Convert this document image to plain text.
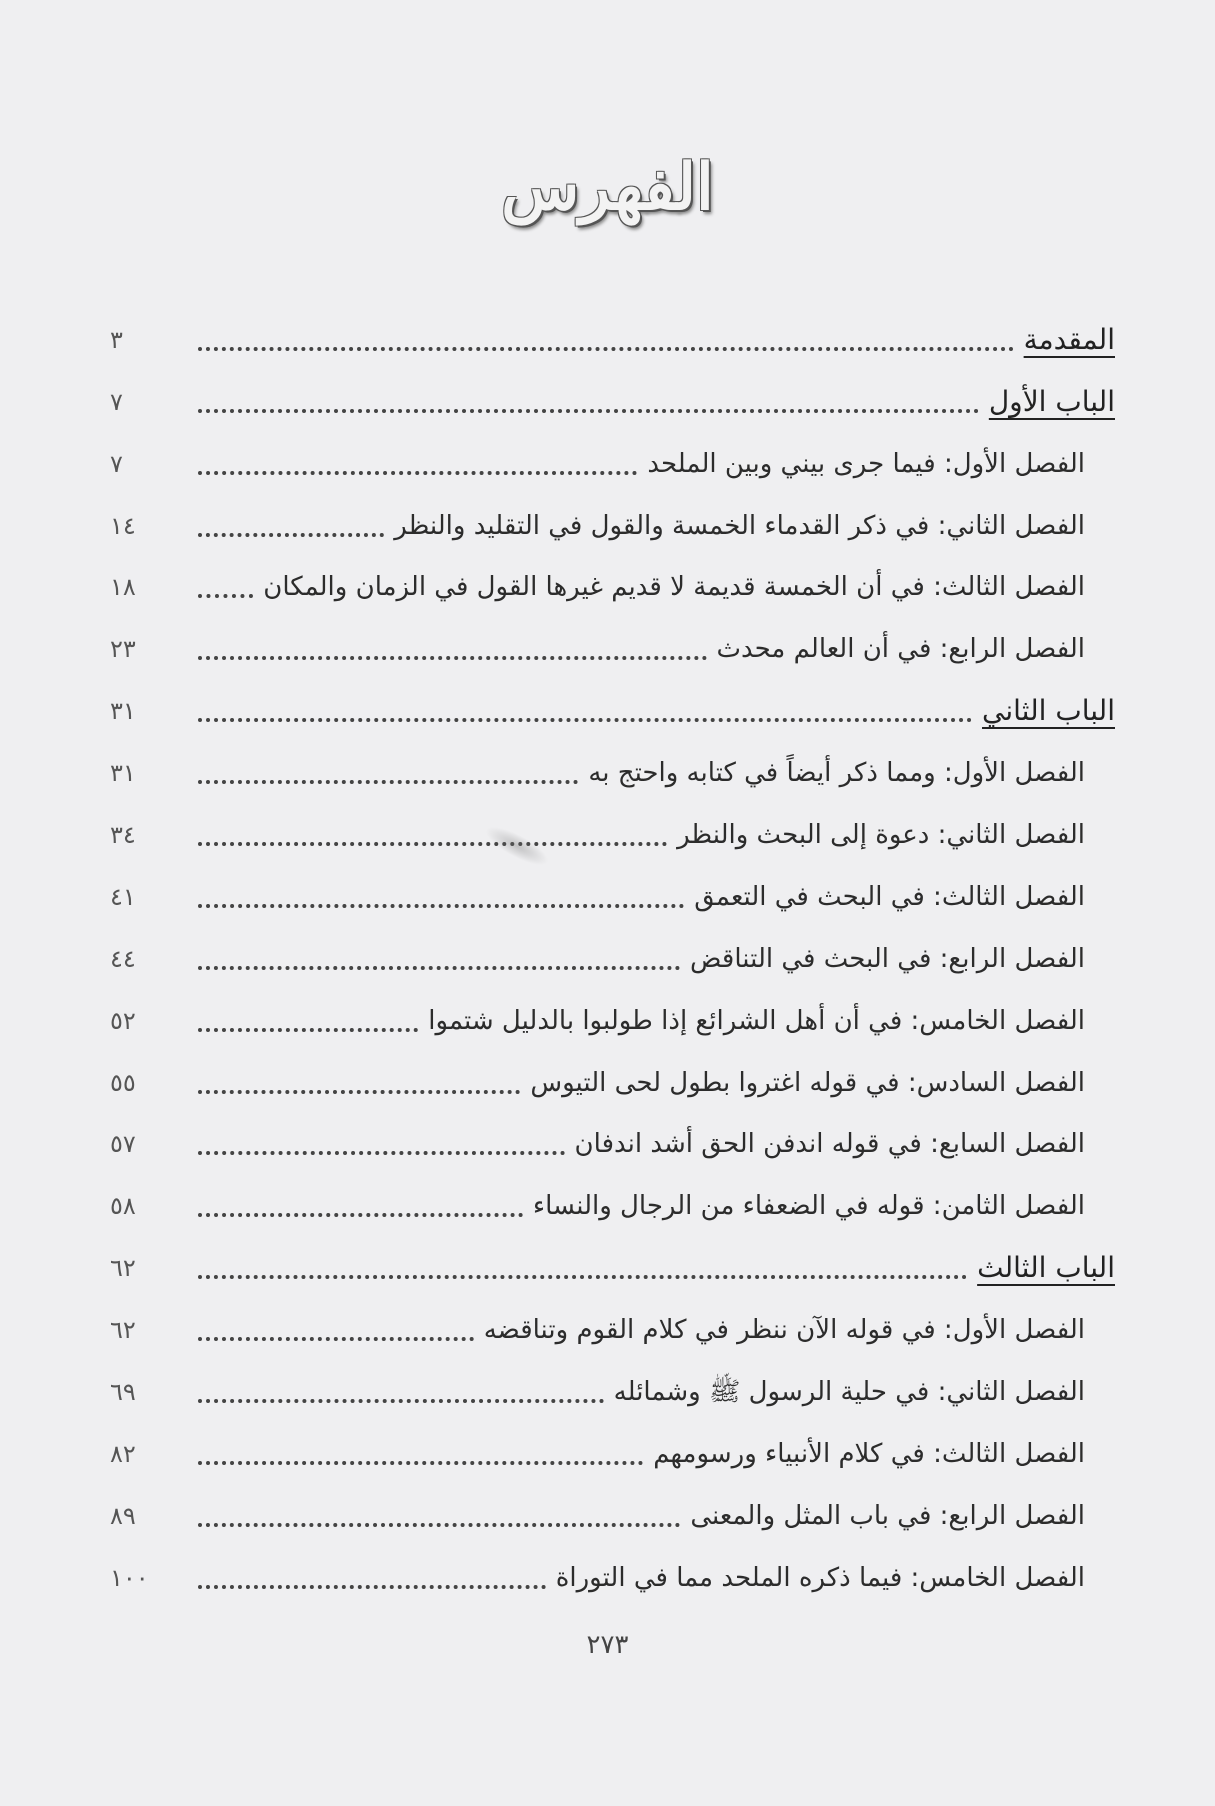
الفهرس
المقدمة
٣
الباب الأول
٧
الفصل الأول: فيما جرى بيني وبين الملحد
٧
الفصل الثاني: في ذكر القدماء الخمسة والقول في التقليد والنظر
١٤
الفصل الثالث: في أن الخمسة قديمة لا قديم غيرها القول في الزمان والمكان
١٨
الفصل الرابع: في أن العالم محدث
٢٣
الباب الثاني
٣١
الفصل الأول: ومما ذكر أيضاً في كتابه واحتج به
٣١
الفصل الثاني: دعوة إلى البحث والنظر
٣٤
الفصل الثالث: في البحث في التعمق
٤١
الفصل الرابع: في البحث في التناقض
٤٤
الفصل الخامس: في أن أهل الشرائع إذا طولبوا بالدليل شتموا
٥٢
الفصل السادس: في قوله اغتروا بطول لحى التيوس
٥٥
الفصل السابع: في قوله اندفن الحق أشد اندفان
٥٧
الفصل الثامن: قوله في الضعفاء من الرجال والنساء
٥٨
الباب الثالث
٦٢
الفصل الأول: في قوله الآن ننظر في كلام القوم وتناقضه
٦٢
الفصل الثاني: في حلية الرسول ﷺ وشمائله
٦٩
الفصل الثالث: في كلام الأنبياء ورسومهم
٨٢
الفصل الرابع: في باب المثل والمعنى
٨٩
الفصل الخامس: فيما ذكره الملحد مما في التوراة
١٠٠
٢٧٣
